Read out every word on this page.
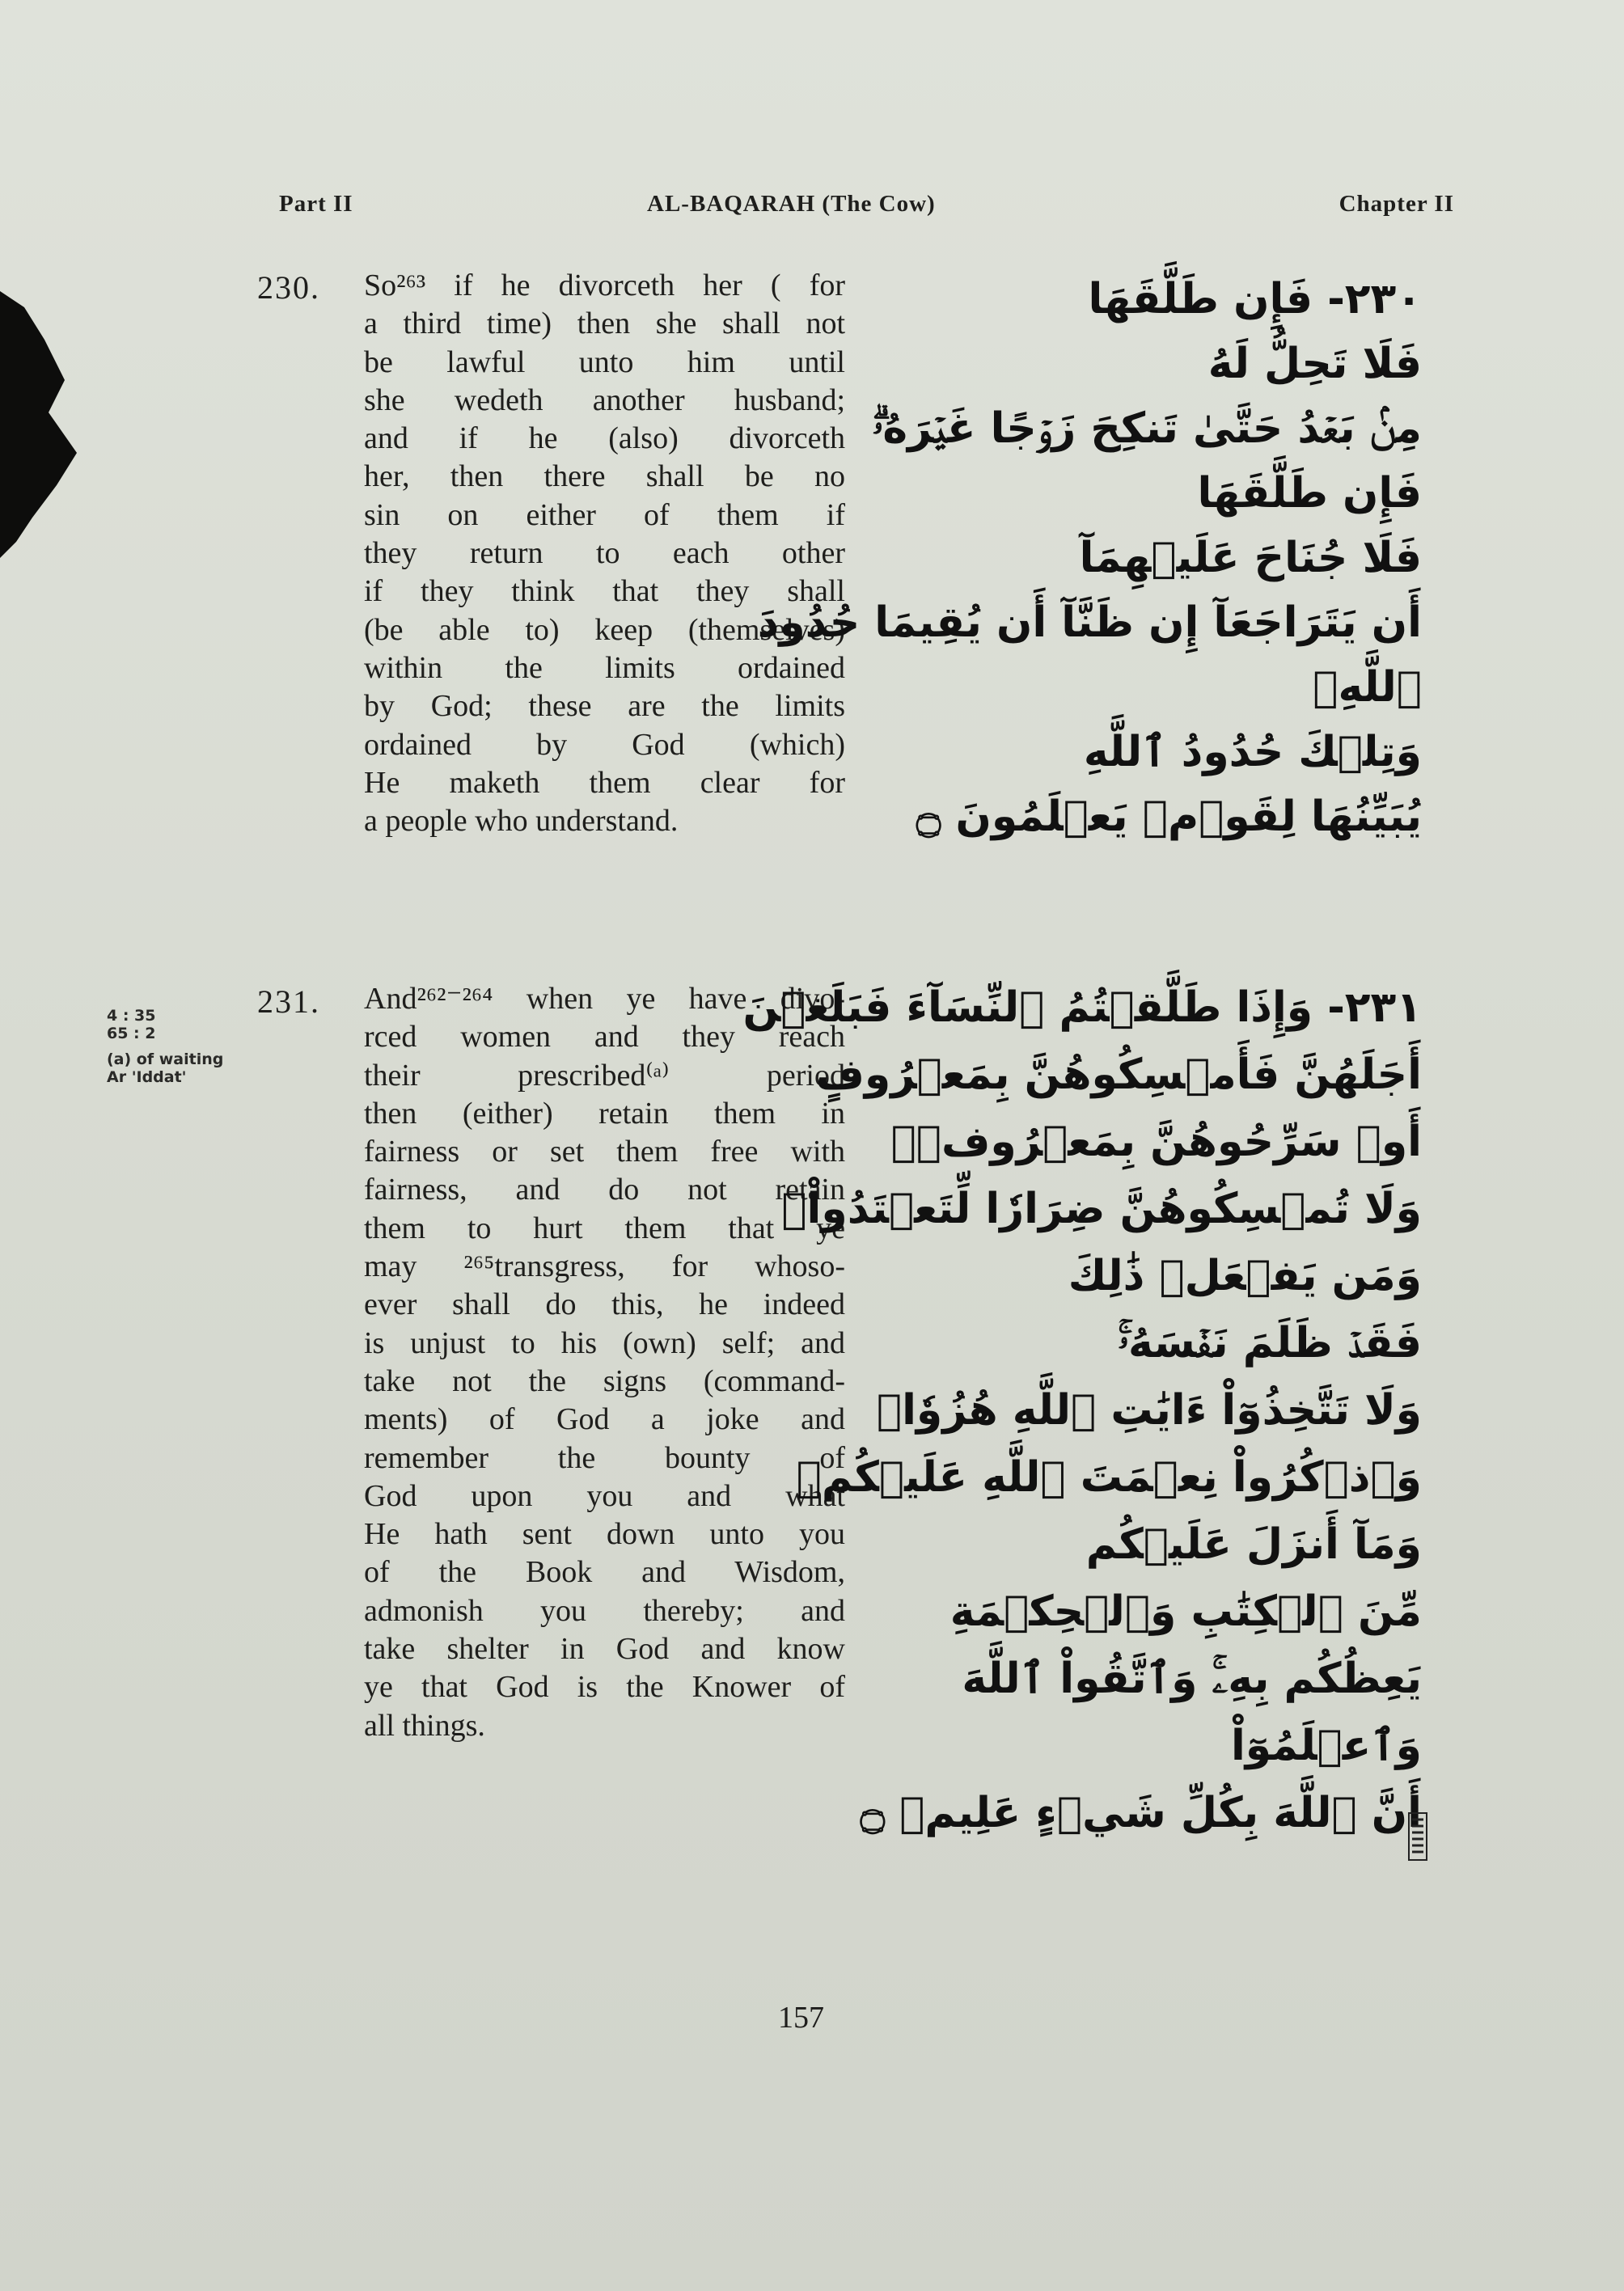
Part II	AL-BAQARAH (The Cow)	Chapter II
230. So²⁶³ if he divorceth her ( for
a third time) then she shall not
be lawful unto him until
she wedeth another husband;
and if he (also) divorceth
her, then there shall be no
sin on either of them if
they return to each other
if they think that they shall
(be able to) keep (themselves)
within the limits ordained
by God; these are the limits
ordained by God (which)
He maketh them clear for
a people who understand.
٢٣٠- فَإِن طَلَّقَهَا
فَلَا تَحِلُّ لَهُ
مِنۢ بَعۡدُ حَتَّىٰ تَنكِحَ زَوۡجًا غَيۡرَهُۥۗ
فَإِن طَلَّقَهَا
فَلَا جُنَاحَ عَلَيۡهِمَآ
أَن يَتَرَاجَعَآ إِن ظَنَّآ أَن يُقِيمَا حُدُودَ
ٱللَّهِۗ
وَتِلۡكَ حُدُودُ ٱللَّهِ
يُبَيِّنُهَا لِقَوۡمٖ يَعۡلَمُونَ ۝
231.
4 : 35
65 : 2
(a) of waiting
Ar 'Iddat'
And²⁶²⁻²⁶⁴ when ye have divo-
rced women and they reach
their prescribed⁽ᵃ⁾ period
then (either) retain them in
fairness or set them free with
fairness, and do not retain
them to hurt them that ye
may ²⁶⁵transgress, for whoso-
ever shall do this, he indeed
is unjust to his (own) self; and
take not the signs (command-
ments) of God a joke and
remember the bounty of
God upon you and what
He hath sent down unto you
of the Book and Wisdom,
admonish you thereby; and
take shelter in God and know
ye that God is the Knower of
all things.
٢٣١- وَإِذَا طَلَّقۡتُمُ ٱلنِّسَآءَ فَبَلَغۡنَ
أَجَلَهُنَّ فَأَمۡسِكُوهُنَّ بِمَعۡرُوفٍ
أَوۡ سَرِّحُوهُنَّ بِمَعۡرُوفٖۚ
وَلَا تُمۡسِكُوهُنَّ ضِرَارٗا لِّتَعۡتَدُواْۚ
وَمَن يَفۡعَلۡ ذَٰلِكَ
فَقَدۡ ظَلَمَ نَفۡسَهُۥۚ
وَلَا تَتَّخِذُوٓاْ ءَايَٰتِ ٱللَّهِ هُزُوٗاۚ
وَٱذۡكُرُواْ نِعۡمَتَ ٱللَّهِ عَلَيۡكُمۡ
وَمَآ أَنزَلَ عَلَيۡكُم
مِّنَ ٱلۡكِتَٰبِ وَٱلۡحِكۡمَةِ
يَعِظُكُم بِهِۦۚ وَٱتَّقُواْ ٱللَّهَ
وَٱعۡلَمُوٓاْ
أَنَّ ٱللَّهَ بِكُلِّ شَيۡءٍ عَلِيمٞ ۝
157
